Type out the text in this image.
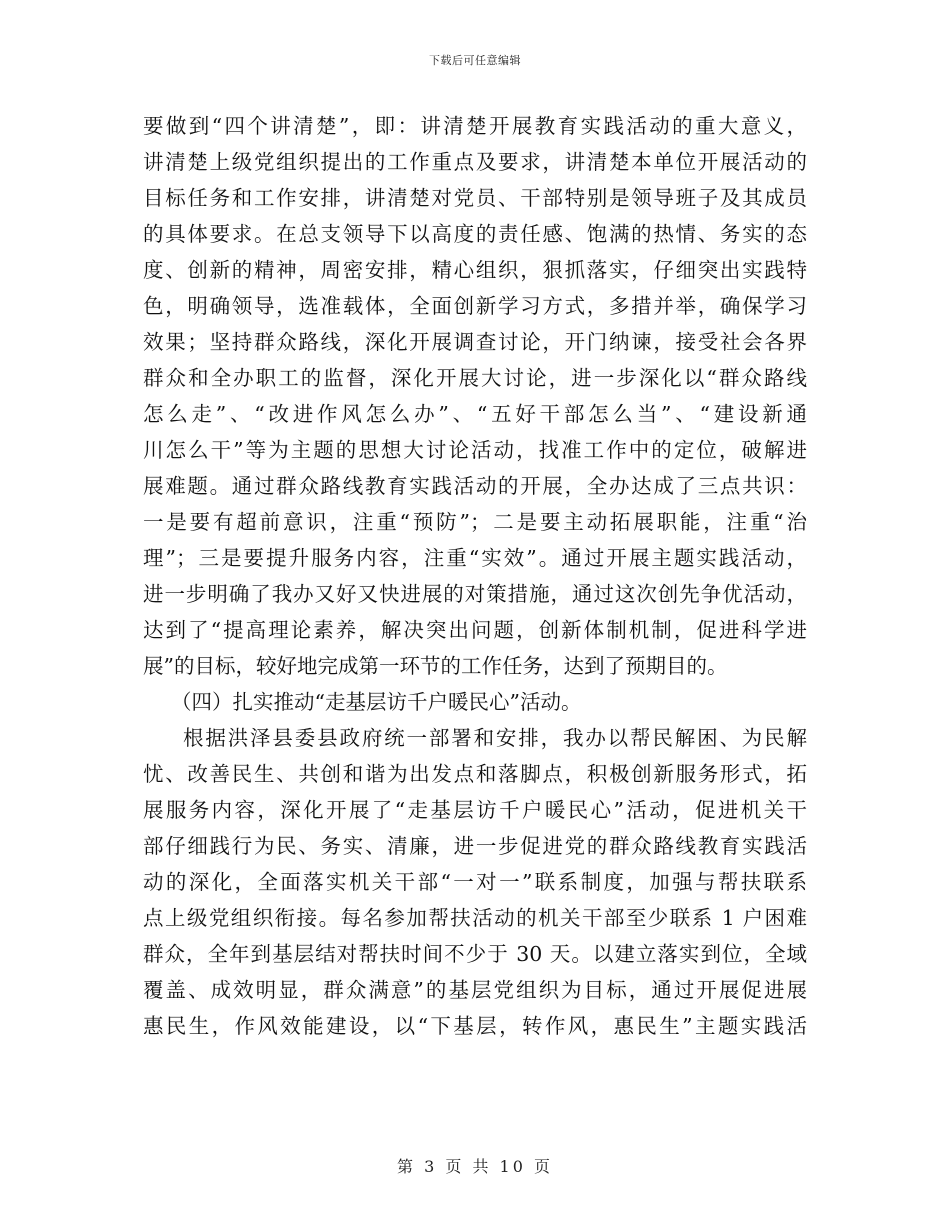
下载后可任意编辑
要做到“四个讲清楚”，即：讲清楚开展教育实践活动的重大意义，
讲清楚上级党组织提出的工作重点及要求，讲清楚本单位开展活动的
目标任务和工作安排，讲清楚对党员、干部特别是领导班子及其成员
的具体要求。在总支领导下以高度的责任感、饱满的热情、务实的态
度、创新的精神，周密安排，精心组织，狠抓落实，仔细突出实践特
色，明确领导，选准载体，全面创新学习方式，多措并举，确保学习
效果；坚持群众路线，深化开展调查讨论，开门纳谏，接受社会各界
群众和全办职工的监督，深化开展大讨论，进一步深化以“群众路线
怎么走”、“改进作风怎么办”、“五好干部怎么当”、“建设新通
川怎么干”等为主题的思想大讨论活动，找准工作中的定位，破解进
展难题。通过群众路线教育实践活动的开展，全办达成了三点共识：
一是要有超前意识，注重“预防”；二是要主动拓展职能，注重“治
理”；三是要提升服务内容，注重“实效”。通过开展主题实践活动，
进一步明确了我办又好又快进展的对策措施，通过这次创先争优活动，
达到了“提高理论素养，解决突出问题，创新体制机制，促进科学进
展”的目标，较好地完成第一环节的工作任务，达到了预期目的。
（四）扎实推动“走基层访千户暖民心”活动。
根据洪泽县委县政府统一部署和安排，我办以帮民解困、为民解
忧、改善民生、共创和谐为出发点和落脚点，积极创新服务形式，拓
展服务内容，深化开展了“走基层访千户暖民心”活动，促进机关干
部仔细践行为民、务实、清廉，进一步促进党的群众路线教育实践活
动的深化，全面落实机关干部“一对一”联系制度，加强与帮扶联系
点上级党组织衔接。每名参加帮扶活动的机关干部至少联系 1 户困难
群众，全年到基层结对帮扶时间不少于 30 天。以建立落实到位，全域
覆盖、成效明显，群众满意”的基层党组织为目标，通过开展促进展
惠民生，作风效能建设，以“下基层，转作风，惠民生”主题实践活
第 3 页 共 10 页
